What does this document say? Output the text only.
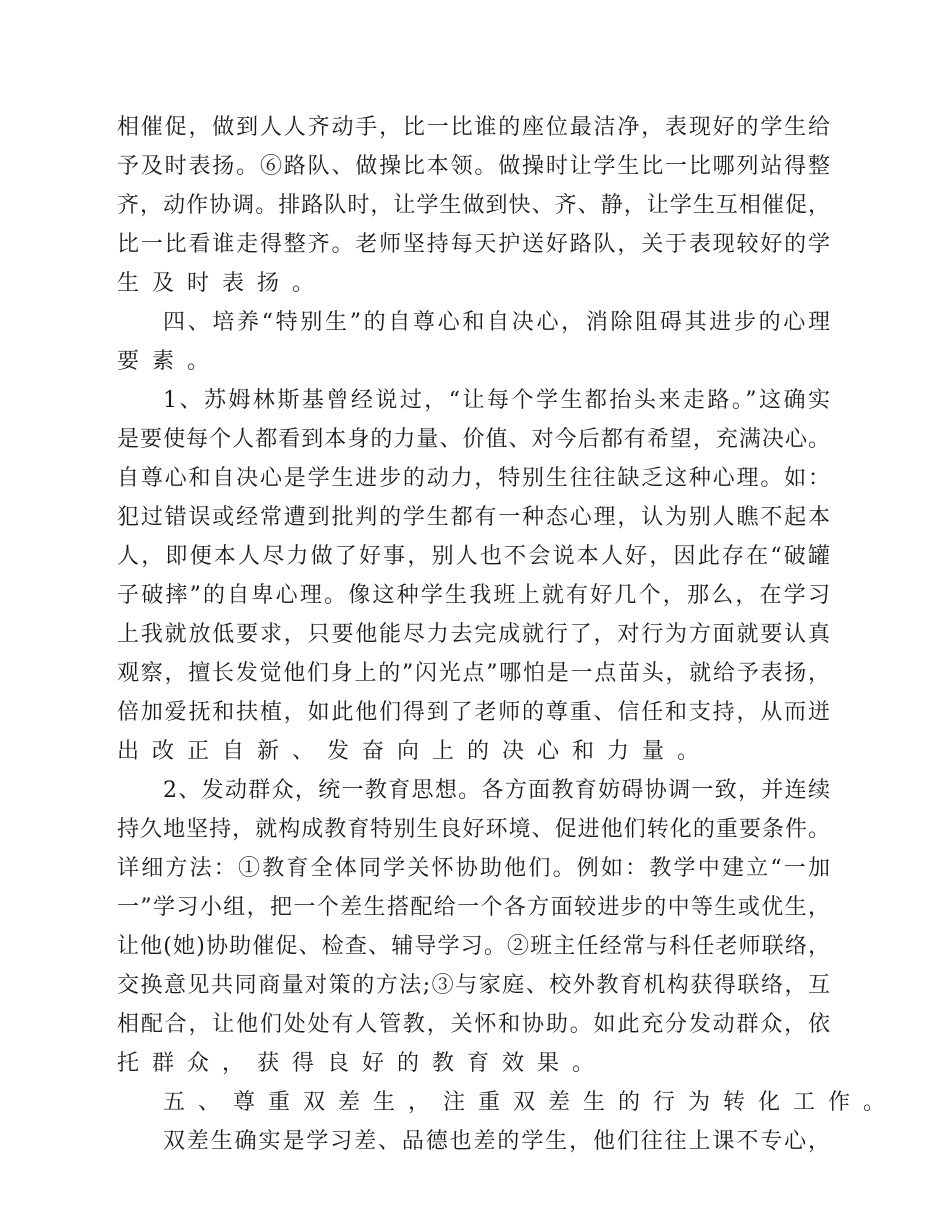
相催促，做到人人齐动手，比一比谁的座位最洁净，表现好的学生给
予及时表扬。⑥路队、做操比本领。做操时让学生比一比哪列站得整
齐，动作协调。排路队时，让学生做到快、齐、静，让学生互相催促，
比一比看谁走得整齐。老师坚持每天护送好路队，关于表现较好的学
生及时表扬。
四、培养“特别生”的自尊心和自决心，消除阻碍其进步的心理
要素。
1、苏姆林斯基曾经说过，“让每个学生都抬头来走路。”这确实
是要使每个人都看到本身的力量、价值、对今后都有希望，充满决心。
自尊心和自决心是学生进步的动力，特别生往往缺乏这种心理。如：
犯过错误或经常遭到批判的学生都有一种态心理，认为别人瞧不起本
人，即便本人尽力做了好事，别人也不会说本人好，因此存在“破罐
子破摔”的自卑心理。像这种学生我班上就有好几个，那么，在学习
上我就放低要求，只要他能尽力去完成就行了，对行为方面就要认真
观察，擅长发觉他们身上的”闪光点”哪怕是一点苗头，就给予表扬，
倍加爱抚和扶植，如此他们得到了老师的尊重、信任和支持，从而迸
出改正自新、发奋向上的决心和力量。
2、发动群众，统一教育思想。各方面教育妨碍协调一致，并连续
持久地坚持，就构成教育特别生良好环境、促进他们转化的重要条件。
详细方法：①教育全体同学关怀协助他们。例如：教学中建立“一加
一”学习小组，把一个差生搭配给一个各方面较进步的中等生或优生，
让他(她)协助催促、检查、辅导学习。②班主任经常与科任老师联络，
交换意见共同商量对策的方法;③与家庭、校外教育机构获得联络，互
相配合，让他们处处有人管教，关怀和协助。如此充分发动群众，依
托群众，获得良好的教育效果。
五、尊重双差生，注重双差生的行为转化工作。
双差生确实是学习差、品德也差的学生，他们往往上课不专心，
